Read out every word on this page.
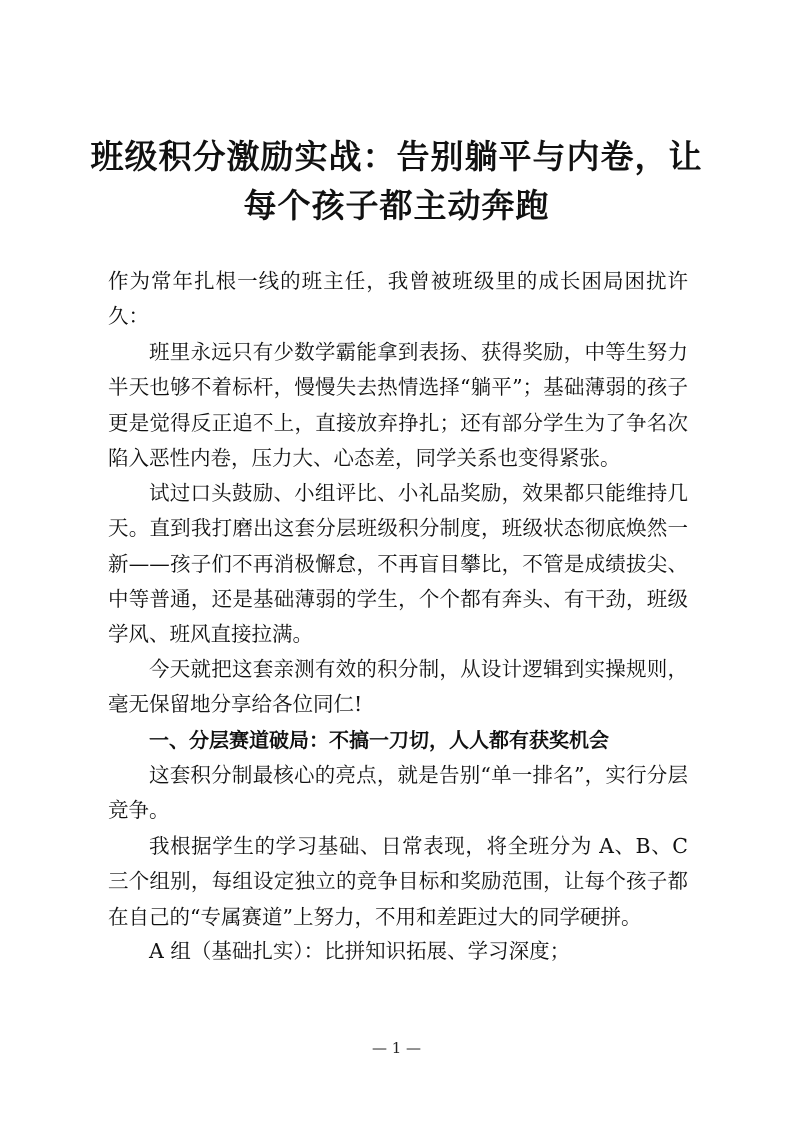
班级积分激励实战：告别躺平与内卷，让
每个孩子都主动奔跑

作为常年扎根一线的班主任，我曾被班级里的成长困局困扰许久：

班里永远只有少数学霸能拿到表扬、获得奖励，中等生努力半天也够不着标杆，慢慢失去热情选择“躺平”；基础薄弱的孩子更是觉得反正追不上，直接放弃挣扎；还有部分学生为了争名次陷入恶性内卷，压力大、心态差，同学关系也变得紧张。

试过口头鼓励、小组评比、小礼品奖励，效果都只能维持几天。直到我打磨出这套分层班级积分制度，班级状态彻底焕然一新——孩子们不再消极懈怠，不再盲目攀比，不管是成绩拔尖、中等普通，还是基础薄弱的学生，个个都有奔头、有干劲，班级学风、班风直接拉满。

今天就把这套亲测有效的积分制，从设计逻辑到实操规则，毫无保留地分享给各位同仁!

一、分层赛道破局：不搞一刀切，人人都有获奖机会

这套积分制最核心的亮点，就是告别“单一排名”，实行分层竞争。

我根据学生的学习基础、日常表现，将全班分为 A、B、C 三个组别，每组设定独立的竞争目标和奖励范围，让每个孩子都在自己的“专属赛道”上努力，不用和差距过大的同学硬拼。

A 组（基础扎实）：比拼知识拓展、学习深度；

— 1 —
